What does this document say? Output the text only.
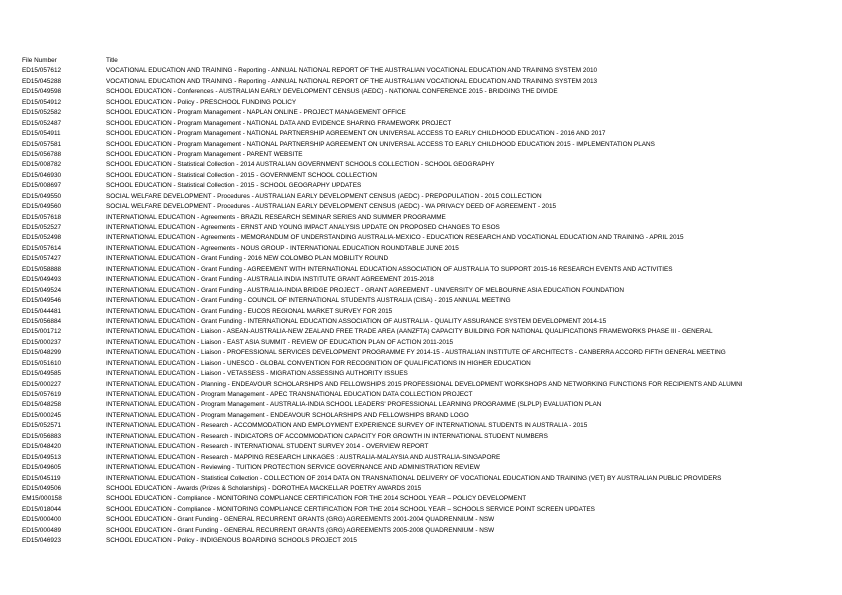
File Number	Title
ED15/057612	VOCATIONAL EDUCATION AND TRAINING - Reporting - ANNUAL NATIONAL REPORT OF THE AUSTRALIAN VOCATIONAL EDUCATION AND TRAINING SYSTEM 2010
ED15/045288	VOCATIONAL EDUCATION AND TRAINING - Reporting - ANNUAL NATIONAL REPORT OF THE AUSTRALIAN VOCATIONAL EDUCATION AND TRAINING SYSTEM 2013
ED15/049598	SCHOOL EDUCATION - Conferences - AUSTRALIAN EARLY DEVELOPMENT CENSUS (AEDC) - NATIONAL CONFERENCE 2015 - BRIDGING THE DIVIDE
ED15/054912	SCHOOL EDUCATION - Policy - PRESCHOOL FUNDING POLICY
ED15/052582	SCHOOL EDUCATION - Program Management - NAPLAN ONLINE - PROJECT MANAGEMENT OFFICE
ED15/052487	SCHOOL EDUCATION - Program Management - NATIONAL DATA AND EVIDENCE SHARING FRAMEWORK PROJECT
ED15/054911	SCHOOL EDUCATION - Program Management - NATIONAL PARTNERSHIP AGREEMENT ON UNIVERSAL ACCESS TO EARLY CHILDHOOD EDUCATION - 2016 AND 2017
ED15/057581	SCHOOL EDUCATION - Program Management - NATIONAL PARTNERSHIP AGREEMENT ON UNIVERSAL ACCESS TO EARLY CHILDHOOD EDUCATION 2015 - IMPLEMENTATION PLANS
ED15/056788	SCHOOL EDUCATION - Program Management - PARENT WEBSITE
ED15/008782	SCHOOL EDUCATION - Statistical Collection - 2014 AUSTRALIAN GOVERNMENT SCHOOLS COLLECTION - SCHOOL GEOGRAPHY
ED15/046930	SCHOOL EDUCATION - Statistical Collection - 2015 - GOVERNMENT SCHOOL COLLECTION
ED15/008697	SCHOOL EDUCATION - Statistical Collection - 2015 - SCHOOL GEOGRAPHY UPDATES
ED15/049550	SOCIAL WELFARE DEVELOPMENT - Procedures - AUSTRALIAN EARLY DEVELOPMENT CENSUS (AEDC) - PREPOPULATION - 2015 COLLECTION
ED15/049560	SOCIAL WELFARE DEVELOPMENT - Procedures - AUSTRALIAN EARLY DEVELOPMENT CENSUS (AEDC) - WA PRIVACY DEED OF AGREEMENT - 2015
ED15/057618	INTERNATIONAL EDUCATION - Agreements - BRAZIL RESEARCH SEMINAR SERIES AND SUMMER PROGRAMME
ED15/052527	INTERNATIONAL EDUCATION - Agreements - ERNST AND YOUNG IMPACT ANALYSIS UPDATE ON PROPOSED CHANGES TO ESOS
ED15/052498	INTERNATIONAL EDUCATION - Agreements - MEMORANDUM OF UNDERSTANDING AUSTRALIA-MEXICO - EDUCATION RESEARCH AND VOCATIONAL EDUCATION AND TRAINING - APRIL 2015
ED15/057614	INTERNATIONAL EDUCATION - Agreements - NOUS GROUP - INTERNATIONAL EDUCATION ROUNDTABLE JUNE 2015
ED15/057427	INTERNATIONAL EDUCATION - Grant Funding - 2016 NEW COLOMBO PLAN MOBILITY ROUND
ED15/058888	INTERNATIONAL EDUCATION - Grant Funding - AGREEMENT WITH INTERNATIONAL EDUCATION ASSOCIATION OF AUSTRALIA TO SUPPORT 2015-16 RESEARCH EVENTS AND ACTIVITIES
ED15/049493	INTERNATIONAL EDUCATION - Grant Funding - AUSTRALIA INDIA INSTITUTE GRANT AGREEMENT 2015-2018
ED15/049524	INTERNATIONAL EDUCATION - Grant Funding - AUSTRALIA-INDIA BRIDGE PROJECT - GRANT AGREEMENT - UNIVERSITY OF MELBOURNE ASIA EDUCATION FOUNDATION
ED15/049546	INTERNATIONAL EDUCATION - Grant Funding - COUNCIL OF INTERNATIONAL STUDENTS AUSTRALIA (CISA) - 2015 ANNUAL MEETING
ED15/044481	INTERNATIONAL EDUCATION - Grant Funding - EUCOS REGIONAL MARKET SURVEY FOR 2015
ED15/056884	INTERNATIONAL EDUCATION - Grant Funding - INTERNATIONAL EDUCATION ASSOCIATION OF AUSTRALIA - QUALITY ASSURANCE SYSTEM DEVELOPMENT 2014-15
ED15/001712	INTERNATIONAL EDUCATION - Liaison - ASEAN-AUSTRALIA-NEW ZEALAND FREE TRADE AREA (AANZFTA) CAPACITY BUILDING FOR NATIONAL QUALIFICATIONS FRAMEWORKS PHASE III - GENERAL
ED15/000237	INTERNATIONAL EDUCATION - Liaison - EAST ASIA SUMMIT - REVIEW OF EDUCATION PLAN OF ACTION 2011-2015
ED15/048299	INTERNATIONAL EDUCATION - Liaison - PROFESSIONAL SERVICES DEVELOPMENT PROGRAMME FY 2014-15 - AUSTRALIAN INSTITUTE OF ARCHITECTS - CANBERRA ACCORD FIFTH GENERAL MEETING
ED15/051610	INTERNATIONAL EDUCATION - Liaison - UNESCO - GLOBAL CONVENTION FOR RECOGNITION OF QUALIFICATIONS IN HIGHER EDUCATION
ED15/049585	INTERNATIONAL EDUCATION - Liaison - VETASSESS - MIGRATION ASSESSING AUTHORITY ISSUES
ED15/000227	INTERNATIONAL EDUCATION - Planning - ENDEAVOUR SCHOLARSHIPS AND FELLOWSHIPS 2015 PROFESSIONAL DEVELOPMENT WORKSHOPS AND NETWORKING FUNCTIONS FOR RECIPIENTS AND ALUMNI
ED15/057619	INTERNATIONAL EDUCATION - Program Management - APEC TRANSNATIONAL EDUCATION DATA COLLECTION PROJECT
ED15/048258	INTERNATIONAL EDUCATION - Program Management - AUSTRALIA-INDIA SCHOOL LEADERS' PROFESSIONAL LEARNING PROGRAMME (SLPLP) EVALUATION PLAN
ED15/000245	INTERNATIONAL EDUCATION - Program Management - ENDEAVOUR SCHOLARSHIPS AND FELLOWSHIPS BRAND LOGO
ED15/052571	INTERNATIONAL EDUCATION - Research - ACCOMMODATION AND EMPLOYMENT EXPERIENCE SURVEY OF INTERNATIONAL STUDENTS IN AUSTRALIA - 2015
ED15/056883	INTERNATIONAL EDUCATION - Research - INDICATORS OF ACCOMMODATION CAPACITY FOR GROWTH IN INTERNATIONAL STUDENT NUMBERS
ED15/048420	INTERNATIONAL EDUCATION - Research - INTERNATIONAL STUDENT SURVEY 2014 - OVERVIEW REPORT
ED15/049513	INTERNATIONAL EDUCATION - Research - MAPPING RESEARCH LINKAGES : AUSTRALIA-MALAYSIA AND AUSTRALIA-SINGAPORE
ED15/049605	INTERNATIONAL EDUCATION - Reviewing - TUITION PROTECTION SERVICE GOVERNANCE AND ADMINISTRATION REVIEW
ED15/045119	INTERNATIONAL EDUCATION - Statistical Collection - COLLECTION OF 2014 DATA ON TRANSNATIONAL DELIVERY OF VOCATIONAL EDUCATION AND TRAINING (VET) BY AUSTRALIAN PUBLIC PROVIDERS
ED15/049506	SCHOOL EDUCATION - Awards (Prizes & Scholarships) - DOROTHEA MACKELLAR POETRY AWARDS 2015
EM15/000158	SCHOOL EDUCATION - Compliance - MONITORING COMPLIANCE CERTIFICATION FOR THE 2014 SCHOOL YEAR – POLICY DEVELOPMENT
ED15/018044	SCHOOL EDUCATION - Compliance - MONITORING COMPLIANCE CERTIFICATION FOR THE 2014 SCHOOL YEAR – SCHOOLS SERVICE POINT SCREEN UPDATES
ED15/000400	SCHOOL EDUCATION - Grant Funding - GENERAL RECURRENT GRANTS (GRG) AGREEMENTS 2001-2004 QUADRENNIUM - NSW
ED15/000489	SCHOOL EDUCATION - Grant Funding - GENERAL RECURRENT GRANTS (GRG) AGREEMENTS 2005-2008 QUADRENNIUM - NSW
ED15/046923	SCHOOL EDUCATION - Policy - INDIGENOUS BOARDING SCHOOLS PROJECT 2015
